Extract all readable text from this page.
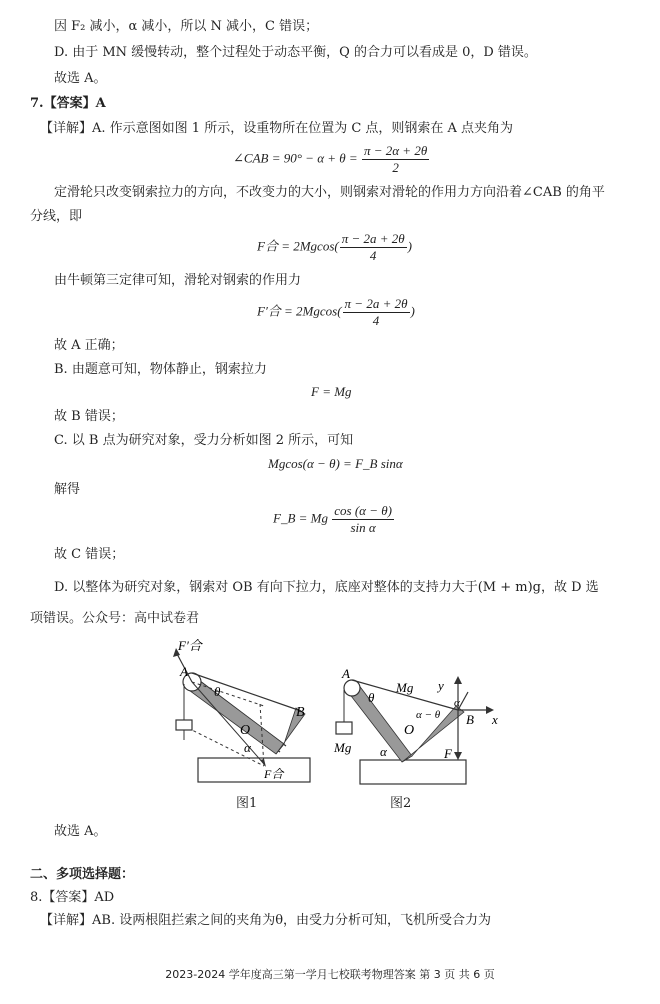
因 F₂ 减小，α 减小，所以 N 减小，C 错误；
D. 由于 MN 缓慢转动，整个过程处于动态平衡，Q 的合力可以看成是 0，D 错误。
故选 A。
7.【答案】A
【详解】A. 作示意图如图 1 所示，设重物所在位置为 C 点，则钢索在 A 点夹角为
∠CAB = $90^\circ - \alpha + \theta = \frac{\pi - 2\alpha + 2\theta}{2}$
定滑轮只改变钢索拉力的方向，不改变力的大小，则钢索对滑轮的作用力方向沿着∠CAB 的角平
分线，即
F合 = $2Mgcos( \frac{\pi - 2a + 2\theta}{4}$ )
由牛顿第三定律可知，滑轮对钢索的作用力
F′合 = $2Mgcos( \frac{\pi - 2a + 2\theta}{4}$ )
故 A 正确；
B. 由题意可知，物体静止，钢索拉力
F = Mg
故 B 错误；
C. 以 B 点为研究对象，受力分析如图 2 所示，可知
Mgcos(α − θ) = F_B sinα
解得
F_B = Mg $\frac{\cos (\alpha - \theta)}{\text{sin α}}$
故 C 错误；
D. 以整体为研究对象，钢索对 OB 有向下拉力，底座对整体的支持力大于(M + m)g，故 D 选
项错误。公众号：高中试卷君
F′合
A
θ
O
B
α
F合
图1
A
θ
Mg y
x
α − θ
α
B
O
Mg α	F
图2
故选 A。
二、多项选择题：
8.【答案】AD
【详解】AB. 设两根阻拦索之间的夹角为θ，由受力分析可知，飞机所受合力为
2023-2024 学年度高三第一学月七校联考物理答案 第 3 页 共 6 页
